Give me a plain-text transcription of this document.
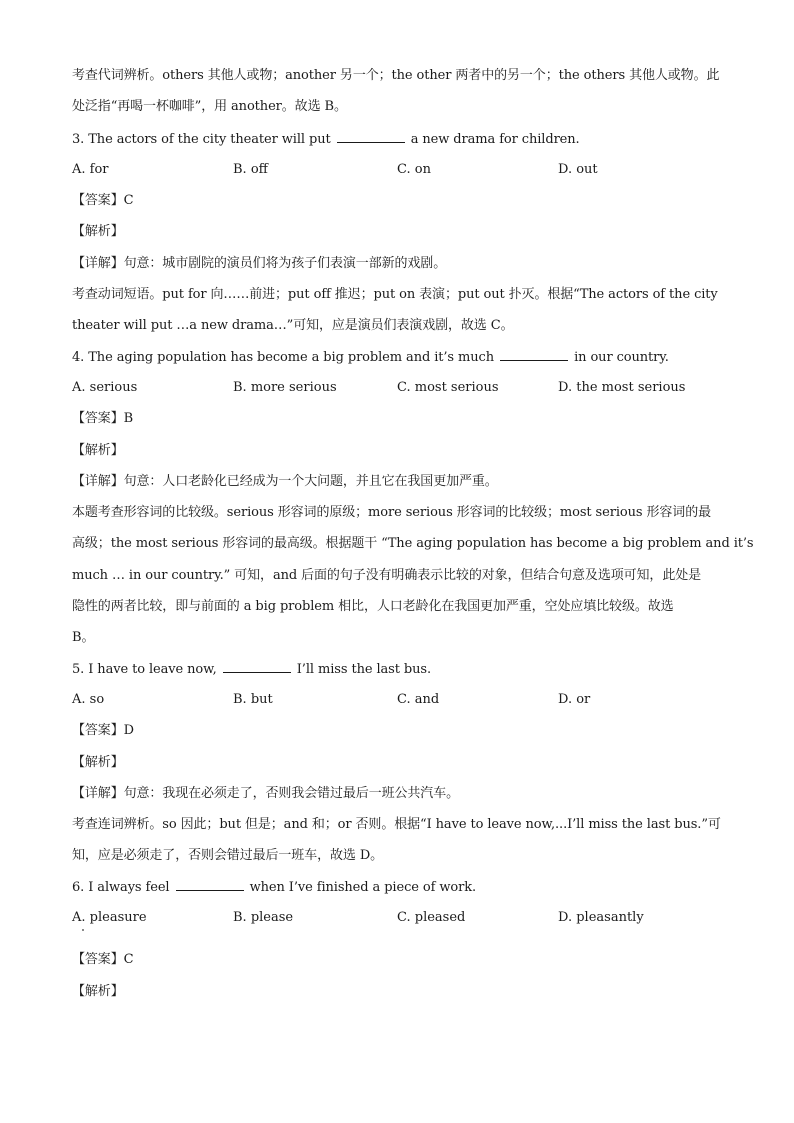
考查代词辨析。others 其他人或物；another 另一个；the other 两者中的另一个；the others 其他人或物。此
处泛指“再喝一杯咖啡”，用 another。故选 B。
3. The actors of the city theater will put	a new drama for children.
A. for	B. off	C. on	D. out
【答案】C
【解析】
【详解】句意：城市剧院的演员们将为孩子们表演一部新的戏剧。
考查动词短语。put for 向……前进；put off 推迟；put on 表演；put out 扑灭。根据“The actors of the city
theater will put …a new drama…”可知，应是演员们表演戏剧，故选 C。
4. The aging population has become a big problem and it’s much	in our country.
A. serious	B. more serious	C. most serious	D. the most serious
【答案】B
【解析】
【详解】句意：人口老龄化已经成为一个大问题，并且它在我国更加严重。
本题考查形容词的比较级。serious 形容词的原级；more serious 形容词的比较级；most serious 形容词的最
高级；the most serious 形容词的最高级。根据题干 “The aging population has become a big problem and it’s
much … in our country.” 可知，and 后面的句子没有明确表示比较的对象，但结合句意及选项可知，此处是
隐性的两者比较，即与前面的 a big problem 相比，人口老龄化在我国更加严重，空处应填比较级。故选
B。
5. I have to leave now,	I’ll miss the last bus.
A. so	B. but	C. and	D. or
【答案】D
【解析】
【详解】句意：我现在必须走了，否则我会错过最后一班公共汽车。
考查连词辨析。so 因此；but 但是；and 和；or 否则。根据“I have to leave now,...I’ll miss the last bus.”可
知，应是必须走了，否则会错过最后一班车，故选 D。
6. I always feel	when I’ve finished a piece of work.
A. pleasure	B. please	C. pleased	D. pleasantly
【答案】C
【解析】
